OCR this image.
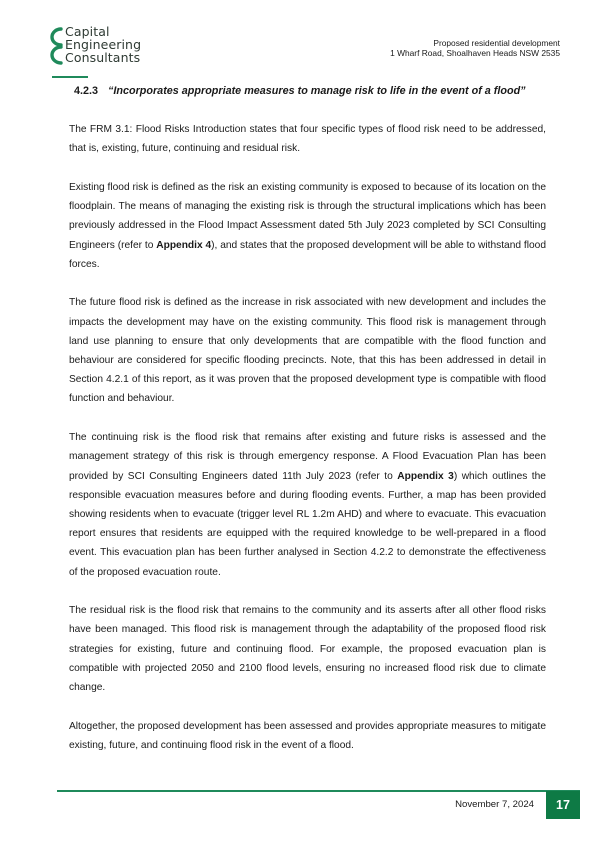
Capital
Engineering
Consultants
Proposed residential development
1 Wharf Road, Shoalhaven Heads NSW 2535
4.2.3 “Incorporates appropriate measures to manage risk to life in the event of a flood”

The FRM 3.1: Flood Risks Introduction states that four specific types of flood risk need to be addressed, that is, existing, future, continuing and residual risk.

Existing flood risk is defined as the risk an existing community is exposed to because of its location on the floodplain. The means of managing the existing risk is through the structural implications which has been previously addressed in the Flood Impact Assessment dated 5th July 2023 completed by SCI Consulting Engineers (refer to Appendix 4), and states that the proposed development will be able to withstand flood forces.

The future flood risk is defined as the increase in risk associated with new development and includes the impacts the development may have on the existing community. This flood risk is management through land use planning to ensure that only developments that are compatible with the flood function and behaviour are considered for specific flooding precincts. Note, that this has been addressed in detail in Section 4.2.1 of this report, as it was proven that the proposed development type is compatible with flood function and behaviour.

The continuing risk is the flood risk that remains after existing and future risks is assessed and the management strategy of this risk is through emergency response. A Flood Evacuation Plan has been provided by SCI Consulting Engineers dated 11th July 2023 (refer to Appendix 3) which outlines the responsible evacuation measures before and during flooding events. Further, a map has been provided showing residents when to evacuate (trigger level RL 1.2m AHD) and where to evacuate. This evacuation report ensures that residents are equipped with the required knowledge to be well-prepared in a flood event. This evacuation plan has been further analysed in Section 4.2.2 to demonstrate the effectiveness of the proposed evacuation route.

The residual risk is the flood risk that remains to the community and its asserts after all other flood risks have been managed. This flood risk is management through the adaptability of the proposed flood risk strategies for existing, future and continuing flood. For example, the proposed evacuation plan is compatible with projected 2050 and 2100 flood levels, ensuring no increased flood risk due to climate change.

Altogether, the proposed development has been assessed and provides appropriate measures to mitigate existing, future, and continuing flood risk in the event of a flood.

November 7, 2024	17
